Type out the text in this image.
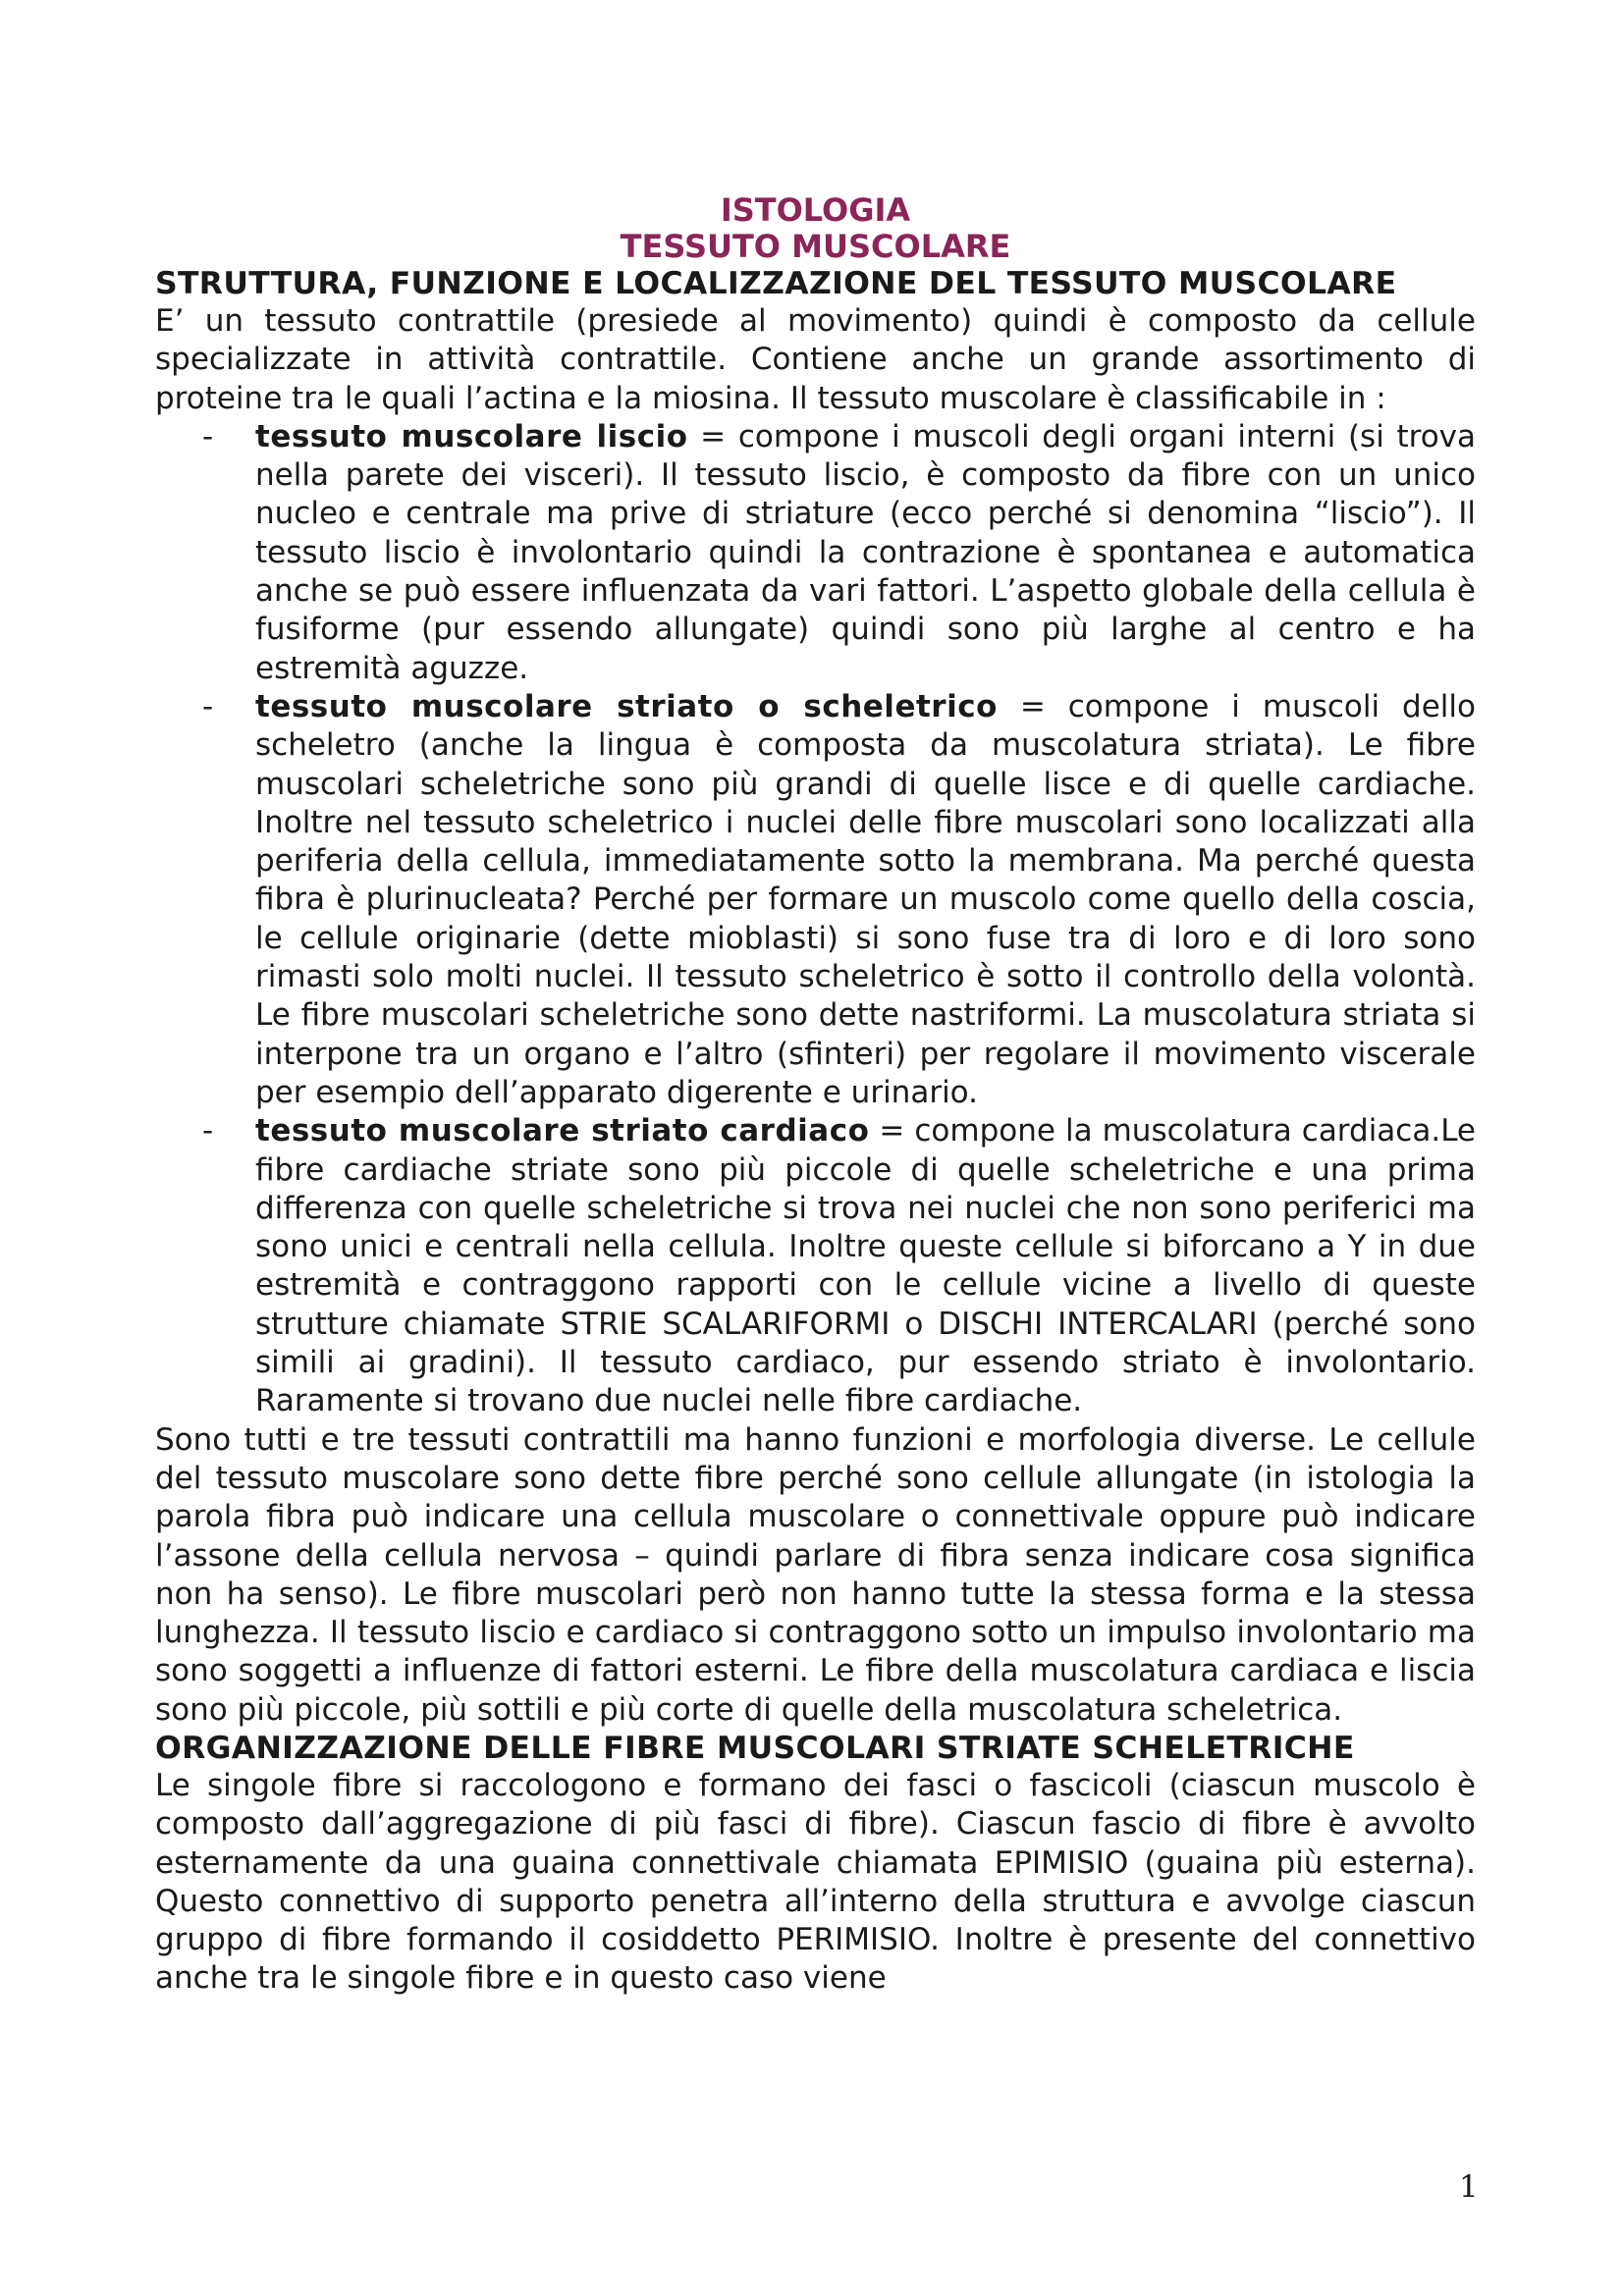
ISTOLOGIA
TESSUTO MUSCOLARE
STRUTTURA, FUNZIONE E LOCALIZZAZIONE DEL TESSUTO MUSCOLARE

E’ un tessuto contrattile (presiede al movimento) quindi è composto da cellule specializzate in attività contrattile. Contiene anche un grande assortimento di proteine tra le quali l’actina e la miosina. Il tessuto muscolare è classificabile in :

- tessuto muscolare liscio = compone i muscoli degli organi interni (si trova nella parete dei visceri). Il tessuto liscio, è composto da fibre con un unico nucleo e centrale ma prive di striature (ecco perché si denomina “liscio”). Il tessuto liscio è involontario quindi la contrazione è spontanea e automatica anche se può essere influenzata da vari fattori. L’aspetto globale della cellula è fusiforme (pur essendo allungate) quindi sono più larghe al centro e ha estremità aguzze.
- tessuto muscolare striato o scheletrico = compone i muscoli dello scheletro (anche la lingua è composta da muscolatura striata). Le fibre muscolari scheletriche sono più grandi di quelle lisce e di quelle cardiache. Inoltre nel tessuto scheletrico i nuclei delle fibre muscolari sono localizzati alla periferia della cellula, immediatamente sotto la membrana. Ma perché questa fibra è plurinucleata? Perché per formare un muscolo come quello della coscia, le cellule originarie (dette mioblasti) si sono fuse tra di loro e di loro sono rimasti solo molti nuclei. Il tessuto scheletrico è sotto il controllo della volontà. Le fibre muscolari scheletriche sono dette nastriformi. La muscolatura striata si interpone tra un organo e l’altro (sfinteri) per regolare il movimento viscerale per esempio dell’apparato digerente e urinario.
- tessuto muscolare striato cardiaco = compone la muscolatura cardiaca.Le fibre cardiache striate sono più piccole di quelle scheletriche e una prima differenza con quelle scheletriche si trova nei nuclei che non sono periferici ma sono unici e centrali nella cellula. Inoltre queste cellule si biforcano a Y in due estremità e contraggono rapporti con le cellule vicine a livello di queste strutture chiamate STRIE SCALARIFORMI o DISCHI INTERCALARI (perché sono simili ai gradini). Il tessuto cardiaco, pur essendo striato è involontario. Raramente si trovano due nuclei nelle fibre cardiache.

Sono tutti e tre tessuti contrattili ma hanno funzioni e morfologia diverse. Le cellule del tessuto muscolare sono dette fibre perché sono cellule allungate (in istologia la parola fibra può indicare una cellula muscolare o connettivale oppure può indicare l’assone della cellula nervosa – quindi parlare di fibra senza indicare cosa significa non ha senso). Le fibre muscolari però non hanno tutte la stessa forma e la stessa lunghezza. Il tessuto liscio e cardiaco si contraggono sotto un impulso involontario ma sono soggetti a influenze di fattori esterni. Le fibre della muscolatura cardiaca e liscia sono più piccole, più sottili e più corte di quelle della muscolatura scheletrica.

ORGANIZZAZIONE DELLE FIBRE MUSCOLARI STRIATE SCHELETRICHE

Le singole fibre si raccologono e formano dei fasci o fascicoli (ciascun muscolo è composto dall’aggregazione di più fasci di fibre). Ciascun fascio di fibre è avvolto esternamente da una guaina connettivale chiamata EPIMISIO (guaina più esterna). Questo connettivo di supporto penetra all’interno della struttura e avvolge ciascun gruppo di fibre formando il cosiddetto PERIMISIO. Inoltre è presente del connettivo anche tra le singole fibre e in questo caso viene

1
